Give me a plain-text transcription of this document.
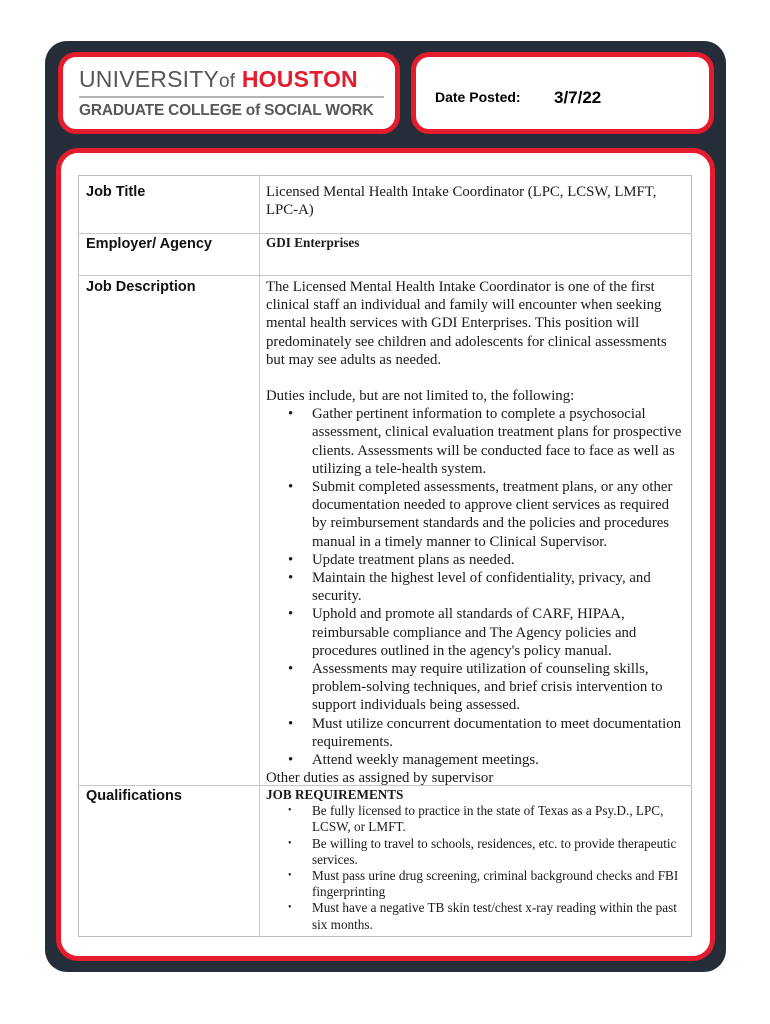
UNIVERSITYof HOUSTON
GRADUATE COLLEGE of SOCIAL WORK
Date Posted: 3/7/22
Job Title	Licensed Mental Health Intake Coordinator (LPC, LCSW, LMFT, LPC-A)
Employer/ Agency	GDI Enterprises
Job Description	The Licensed Mental Health Intake Coordinator is one of the first clinical staff an individual and family will encounter when seeking mental health services with GDI Enterprises. This position will predominately see children and adolescents for clinical assessments but may see adults as needed.
Duties include, but are not limited to, the following:
• Gather pertinent information to complete a psychosocial assessment, clinical evaluation treatment plans for prospective clients. Assessments will be conducted face to face as well as utilizing a tele-health system.
• Submit completed assessments, treatment plans, or any other documentation needed to approve client services as required by reimbursement standards and the policies and procedures manual in a timely manner to Clinical Supervisor.
• Update treatment plans as needed.
• Maintain the highest level of confidentiality, privacy, and security.
• Uphold and promote all standards of CARF, HIPAA, reimbursable compliance and The Agency policies and procedures outlined in the agency's policy manual.
• Assessments may require utilization of counseling skills, problem-solving techniques, and brief crisis intervention to support individuals being assessed.
• Must utilize concurrent documentation to meet documentation requirements.
• Attend weekly management meetings.
Other duties as assigned by supervisor
Qualifications	JOB REQUIREMENTS
• Be fully licensed to practice in the state of Texas as a Psy.D., LPC, LCSW, or LMFT.
• Be willing to travel to schools, residences, etc. to provide therapeutic services.
• Must pass urine drug screening, criminal background checks and FBI fingerprinting
• Must have a negative TB skin test/chest x-ray reading within the past six months.
